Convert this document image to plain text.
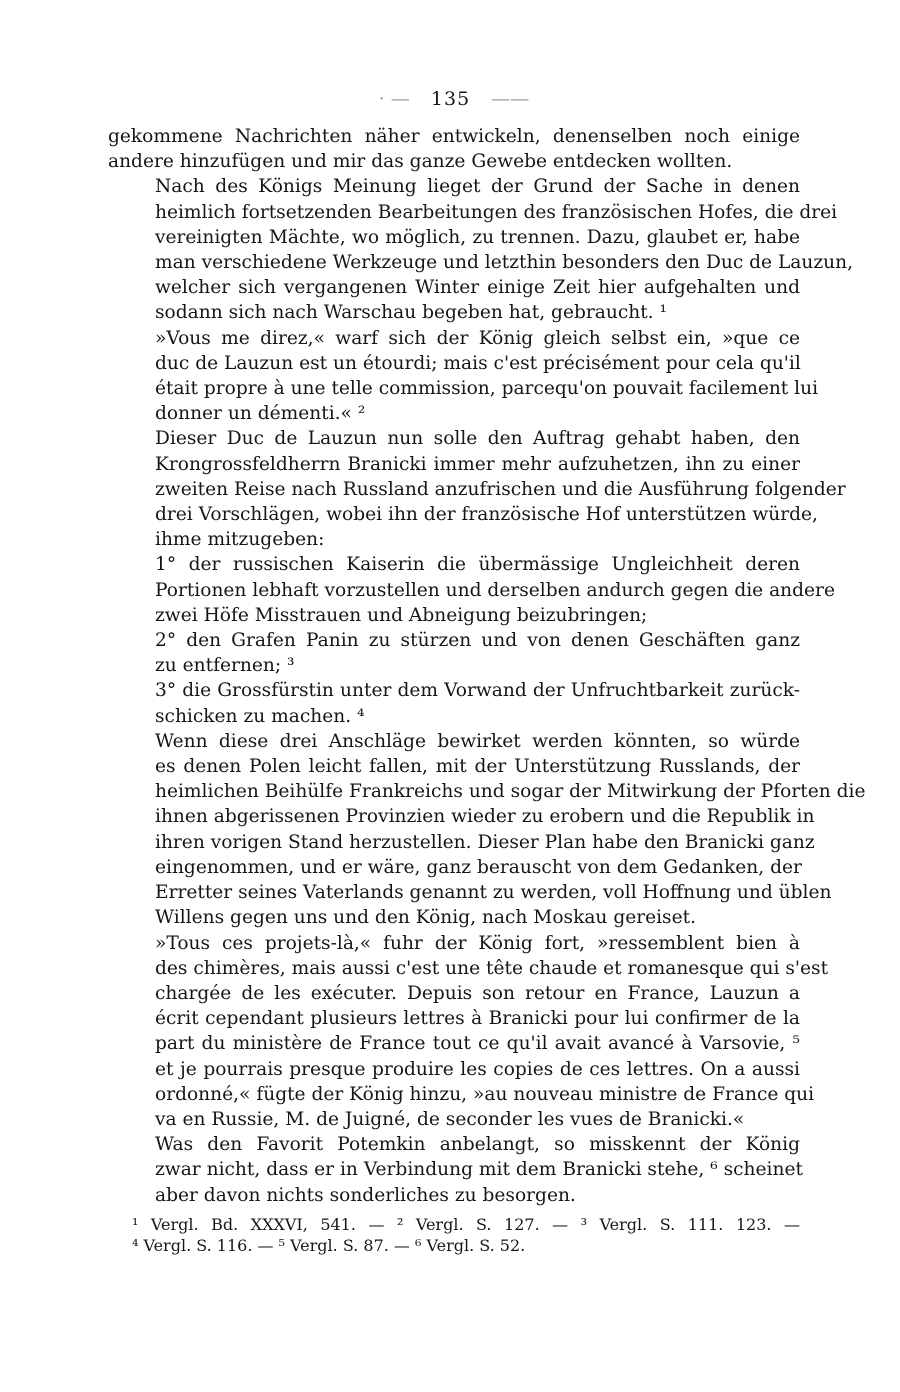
· — 135 ——
gekommene Nachrichten näher entwickeln, denenselben noch einige
andere hinzufügen und mir das ganze Gewebe entdecken wollten.
Nach des Königs Meinung lieget der Grund der Sache in denen
heimlich fortsetzenden Bearbeitungen des französischen Hofes, die drei
vereinigten Mächte, wo möglich, zu trennen. Dazu, glaubet er, habe
man verschiedene Werkzeuge und letzthin besonders den Duc de Lauzun,
welcher sich vergangenen Winter einige Zeit hier aufgehalten und
sodann sich nach Warschau begeben hat, gebraucht. ¹
»Vous me direz,« warf sich der König gleich selbst ein, »que ce
duc de Lauzun est un étourdi; mais c'est précisément pour cela qu'il
était propre à une telle commission, parcequ'on pouvait facilement lui
donner un démenti.« ²
Dieser Duc de Lauzun nun solle den Auftrag gehabt haben, den
Krongrossfeldherrn Branicki immer mehr aufzuhetzen, ihn zu einer
zweiten Reise nach Russland anzufrischen und die Ausführung folgender
drei Vorschlägen, wobei ihn der französische Hof unterstützen würde,
ihme mitzugeben:
1° der russischen Kaiserin die übermässige Ungleichheit deren
Portionen lebhaft vorzustellen und derselben andurch gegen die andere
zwei Höfe Misstrauen und Abneigung beizubringen;
2° den Grafen Panin zu stürzen und von denen Geschäften ganz
zu entfernen; ³
3° die Grossfürstin unter dem Vorwand der Unfruchtbarkeit zurück-
schicken zu machen. ⁴
Wenn diese drei Anschläge bewirket werden könnten, so würde
es denen Polen leicht fallen, mit der Unterstützung Russlands, der
heimlichen Beihülfe Frankreichs und sogar der Mitwirkung der Pforten die
ihnen abgerissenen Provinzien wieder zu erobern und die Republik in
ihren vorigen Stand herzustellen. Dieser Plan habe den Branicki ganz
eingenommen, und er wäre, ganz berauscht von dem Gedanken, der
Erretter seines Vaterlands genannt zu werden, voll Hoffnung und üblen
Willens gegen uns und den König, nach Moskau gereiset.
»Tous ces projets-là,« fuhr der König fort, »ressemblent bien à
des chimères, mais aussi c'est une tête chaude et romanesque qui s'est
chargée de les exécuter. Depuis son retour en France, Lauzun a
écrit cependant plusieurs lettres à Branicki pour lui confirmer de la
part du ministère de France tout ce qu'il avait avancé à Varsovie, ⁵
et je pourrais presque produire les copies de ces lettres. On a aussi
ordonné,« fügte der König hinzu, »au nouveau ministre de France qui
va en Russie, M. de Juigné, de seconder les vues de Branicki.«
Was den Favorit Potemkin anbelangt, so misskennt der König
zwar nicht, dass er in Verbindung mit dem Branicki stehe, ⁶ scheinet
aber davon nichts sonderliches zu besorgen.
¹ Vergl. Bd. XXXVI, 541. — ² Vergl. S. 127. — ³ Vergl. S. 111. 123. —
⁴ Vergl. S. 116. — ⁵ Vergl. S. 87. — ⁶ Vergl. S. 52.
